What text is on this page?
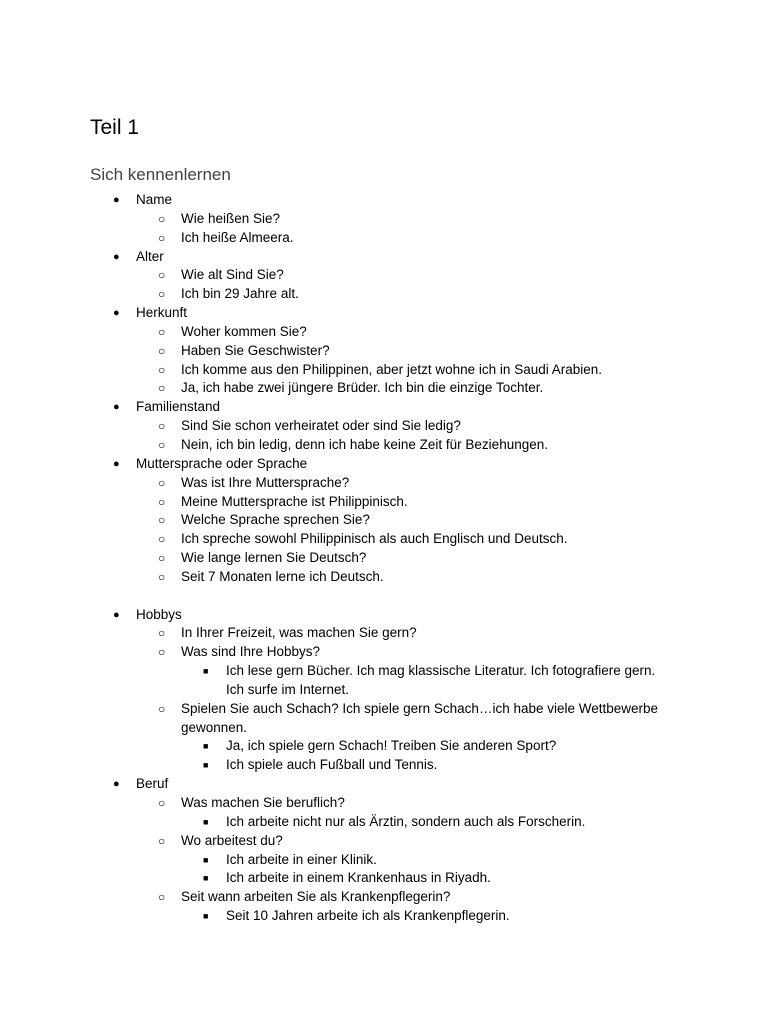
Teil 1
Sich kennenlernen
●	Name
○	Wie heißen Sie?
○	Ich heiße Almeera.
●	Alter
○	Wie alt Sind Sie?
○	Ich bin 29 Jahre alt.
●	Herkunft
○	Woher kommen Sie?
○	Haben Sie Geschwister?
○	Ich komme aus den Philippinen, aber jetzt wohne ich in Saudi Arabien.
○	Ja, ich habe zwei jüngere Brüder. Ich bin die einzige Tochter.
●	Familienstand
○	Sind Sie schon verheiratet oder sind Sie ledig?
○	Nein, ich bin ledig, denn ich habe keine Zeit für Beziehungen.
●	Muttersprache oder Sprache
○	Was ist Ihre Muttersprache?
○	Meine Muttersprache ist Philippinisch.
○	Welche Sprache sprechen Sie?
○	Ich spreche sowohl Philippinisch als auch Englisch und Deutsch.
○	Wie lange lernen Sie Deutsch?
○	Seit 7 Monaten lerne ich Deutsch.
●	Hobbys
○	In Ihrer Freizeit, was machen Sie gern?
○	Was sind Ihre Hobbys?
■	Ich lese gern Bücher. Ich mag klassische Literatur. Ich fotografiere gern.
Ich surfe im Internet.
○	Spielen Sie auch Schach? Ich spiele gern Schach…ich habe viele Wettbewerbe
gewonnen.
■	Ja, ich spiele gern Schach! Treiben Sie anderen Sport?
■	Ich spiele auch Fußball und Tennis.
●	Beruf
○	Was machen Sie beruflich?
■	Ich arbeite nicht nur als Ärztin, sondern auch als Forscherin.
○	Wo arbeitest du?
■	Ich arbeite in einer Klinik.
■	Ich arbeite in einem Krankenhaus in Riyadh.
○	Seit wann arbeiten Sie als Krankenpflegerin?
■	Seit 10 Jahren arbeite ich als Krankenpflegerin.
